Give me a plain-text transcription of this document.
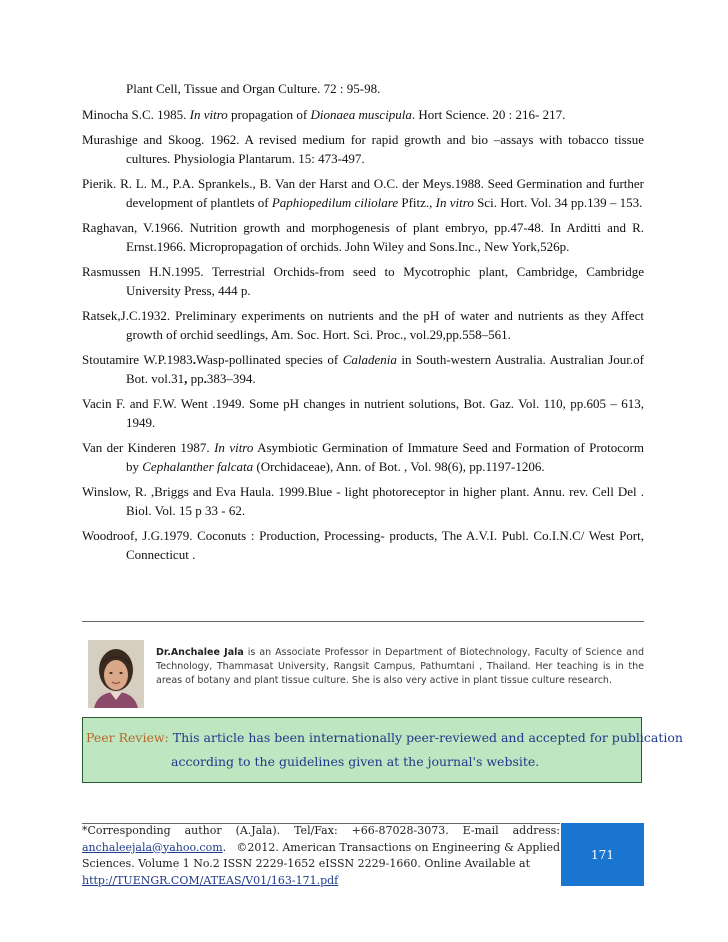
Plant Cell, Tissue and Organ Culture. 72 : 95-98.

Minocha S.C. 1985. In vitro propagation of Dionaea muscipula. Hort Science. 20 : 216- 217.

Murashige and Skoog. 1962. A revised medium for rapid growth and bio –assays with tobacco tissue cultures. Physiologia Plantarum. 15: 473-497.

Pierik. R. L. M., P.A. Sprankels., B. Van der Harst and O.C. der Meys.1988. Seed Germination and further development of plantlets of Paphiopedilum ciliolare Pfitz., In vitro Sci. Hort. Vol. 34 pp.139 – 153.

Raghavan, V.1966. Nutrition growth and morphogenesis of plant embryo, pp.47-48. In Arditti and R. Ernst.1966. Micropropagation of orchids. John Wiley and Sons.Inc., New York,526p.

Rasmussen H.N.1995. Terrestrial Orchids-from seed to Mycotrophic plant, Cambridge, Cambridge University Press, 444 p.

Ratsek,J.C.1932. Preliminary experiments on nutrients and the pH of water and nutrients as they Affect growth of orchid seedlings, Am. Soc. Hort. Sci. Proc., vol.29,pp.558–561.

Stoutamire W.P.1983.Wasp-pollinated species of Caladenia in South-western Australia. Australian Jour.of Bot. vol.31, pp.383–394.

Vacin F. and F.W. Went .1949. Some pH changes in nutrient solutions, Bot. Gaz. Vol. 110, pp.605 – 613, 1949.

Van der Kinderen 1987. In vitro Asymbiotic Germination of Immature Seed and Formation of Protocorm by Cephalanther falcata (Orchidaceae), Ann. of Bot. , Vol. 98(6), pp.1197-1206.

Winslow, R. ,Briggs and Eva Haula. 1999.Blue - light photoreceptor in higher plant. Annu. rev. Cell Del . Biol. Vol. 15 p 33 - 62.

Woodroof, J.G.1979. Coconuts : Production, Processing- products, The A.V.I. Publ. Co.I.N.C/ West Port, Connecticut .

Dr.Anchalee Jala is an Associate Professor in Department of Biotechnology, Faculty of Science and Technology, Thammasat University, Rangsit Campus, Pathumtani , Thailand. Her teaching is in the areas of botany and plant tissue culture. She is also very active in plant tissue culture research.
Peer Review: This article has been internationally peer-reviewed and accepted for publication
according to the guidelines given at the journal's website.
*Corresponding author (A.Jala). Tel/Fax: +66-87028-3073. E-mail address:
anchaleejala@yahoo.com. ©2012. American Transactions on Engineering & Applied
Sciences. Volume 1 No.2 ISSN 2229-1652 eISSN 2229-1660. Online Available at
http://TUENGR.COM/ATEAS/V01/163-171.pdf
171
